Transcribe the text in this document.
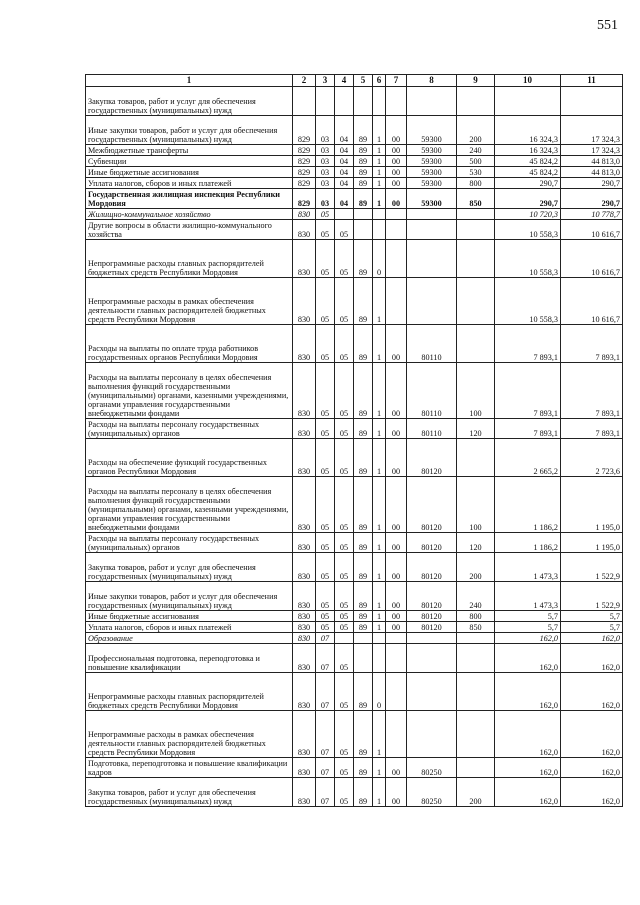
551
1	2	3	4	5	6	7	8	9	10	11
Закупка товаров, работ и услуг для обеспечения государственных (муниципальных) нужд										
Иные закупки товаров, работ и услуг для обеспечения государственных (муниципальных) нужд	829	03	04	89	1	00	59300	200	16 324,3	17 324,3
Межбюджетные трансферты	829	03	04	89	1	00	59300	240	16 324,3	17 324,3
Субвенции	829	03	04	89	1	00	59300	500	45 824,2	44 813,0
Иные бюджетные ассигнования	829	03	04	89	1	00	59300	530	45 824,2	44 813,0
Уплата налогов, сборов и иных платежей	829	03	04	89	1	00	59300	800	290,7	290,7
Государственная жилищная инспекция Республики Мордовия	829	03	04	89	1	00	59300	850	290,7	290,7
Жилищно-коммунальное хозяйство	830	05							10 720,3	10 778,7
Другие вопросы в области жилищно-коммунального хозяйства	830	05	05						10 558,3	10 616,7
Непрограммные расходы главных распорядителей бюджетных средств Республики Мордовия	830	05	05	89	0				10 558,3	10 616,7
Непрограммные расходы в рамках обеспечения деятельности главных распорядителей бюджетных средств Республики Мордовия	830	05	05	89	1				10 558,3	10 616,7
Расходы на выплаты по оплате труда работников государственных органов Республики Мордовия	830	05	05	89	1	00	80110		7 893,1	7 893,1
Расходы на выплаты персоналу в целях обеспечения выполнения функций государственными (муниципальными) органами, казенными учреждениями, органами управления государственными внебюджетными фондами	830	05	05	89	1	00	80110	100	7 893,1	7 893,1
Расходы на выплаты персоналу государственных (муниципальных) органов	830	05	05	89	1	00	80110	120	7 893,1	7 893,1
Расходы на обеспечение функций государственных органов Республики Мордовия	830	05	05	89	1	00	80120		2 665,2	2 723,6
Расходы на выплаты персоналу в целях обеспечения выполнения функций государственными (муниципальными) органами, казенными учреждениями, органами управления государственными внебюджетными фондами	830	05	05	89	1	00	80120	100	1 186,2	1 195,0
Расходы на выплаты персоналу государственных (муниципальных) органов	830	05	05	89	1	00	80120	120	1 186,2	1 195,0
Закупка товаров, работ и услуг для обеспечения государственных (муниципальных) нужд	830	05	05	89	1	00	80120	200	1 473,3	1 522,9
Иные закупки товаров, работ и услуг для обеспечения государственных (муниципальных) нужд	830	05	05	89	1	00	80120	240	1 473,3	1 522,9
Иные бюджетные ассигнования	830	05	05	89	1	00	80120	800	5,7	5,7
Уплата налогов, сборов и иных платежей	830	05	05	89	1	00	80120	850	5,7	5,7
Образование	830	07							162,0	162,0
Профессиональная подготовка, переподготовка и повышение квалификации	830	07	05						162,0	162,0
Непрограммные расходы главных распорядителей бюджетных средств Республики Мордовия	830	07	05	89	0				162,0	162,0
Непрограммные расходы в рамках обеспечения деятельности главных распорядителей бюджетных средств Республики Мордовия	830	07	05	89	1				162,0	162,0
Подготовка, переподготовка и повышение квалификации кадров	830	07	05	89	1	00	80250		162,0	162,0
Закупка товаров, работ и услуг для обеспечения государственных (муниципальных) нужд	830	07	05	89	1	00	80250	200	162,0	162,0
